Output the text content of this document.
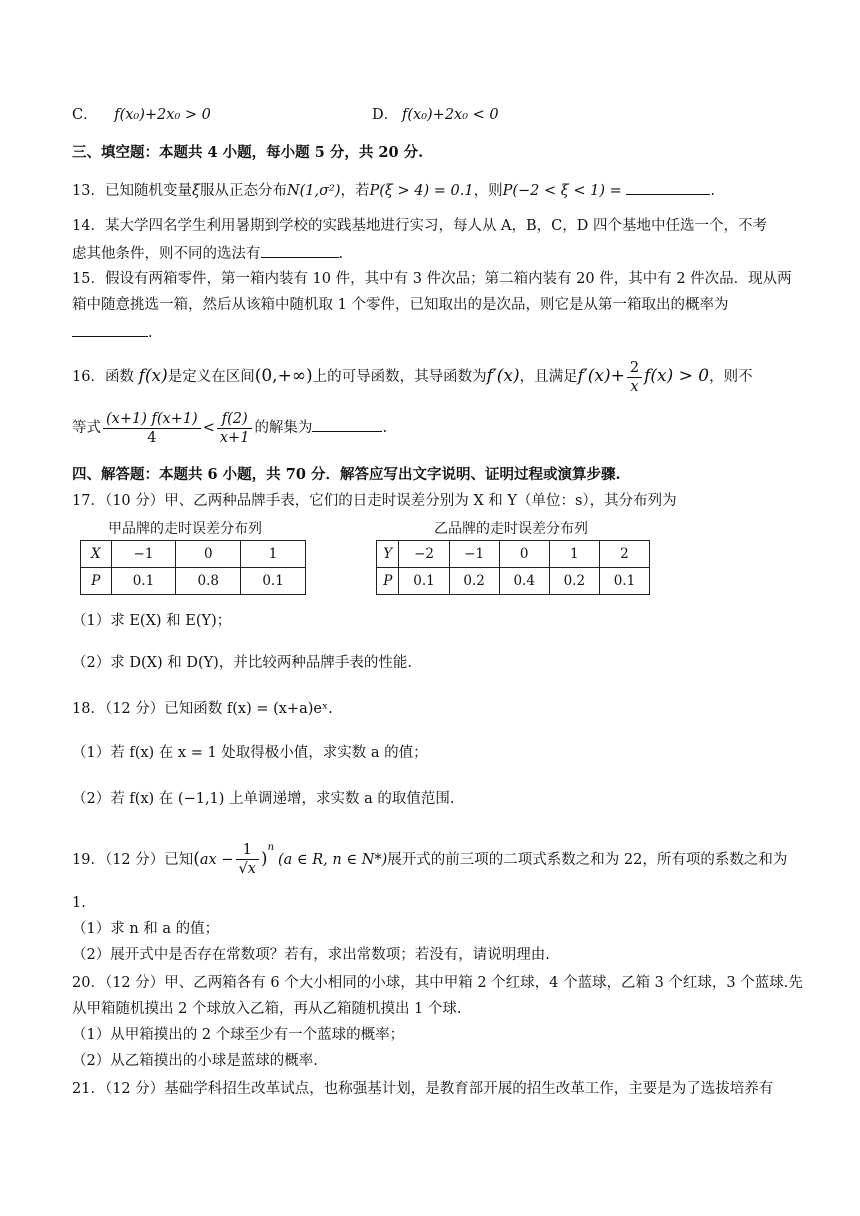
C． f(x₀)+2x₀ > 0	D． f(x₀)+2x₀ < 0
三、填空题：本题共 4 小题，每小题 5 分，共 20 分.
13．已知随机变量ξ服从正态分布N(1,σ²)，若P(ξ > 4) = 0.1，则P(−2 < ξ < 1) =	.
14．某大学四名学生利用暑期到学校的实践基地进行实习，每人从 A，B，C，D 四个基地中任选一个，不考
虑其他条件，则不同的选法有	.
15．假设有两箱零件，第一箱内装有 10 件，其中有 3 件次品；第二箱内装有 20 件，其中有 2 件次品．现从两
箱中随意挑选一箱，然后从该箱中随机取 1 个零件，已知取出的是次品，则它是从第一箱取出的概率为
.
16．函数 f(x)是定义在区间(0,+∞)上的可导函数，其导函数为f′(x)，且满足$f'(x)+ \frac{2}{x} f(x) > 0$，则不
等式 $\frac{(x+1) f(x+1)}{4} < \frac{f(2)}{x+1}$ 的解集为	.
四、解答题：本题共 6 小题，共 70 分．解答应写出文字说明、证明过程或演算步骤.
17．（10 分）甲、乙两种品牌手表，它们的日走时误差分别为 X 和 Y（单位：s），其分布列为
甲品牌的走时误差分布列	乙品牌的走时误差分布列
X	−1	0	1
P	0.1	0.8	0.1
Y	−2	−1	0	1	2
P	0.1	0.2	0.4	0.2	0.1
（1）求 E(X) 和 E(Y)；
（2）求 D(X) 和 D(Y)，并比较两种品牌手表的性能.
18．（12 分）已知函数 f(x) = (x+a)eˣ.
（1）若 f(x) 在 x = 1 处取得极小值，求实数 a 的值；
（2）若 f(x) 在 (−1,1) 上单调递增，求实数 a 的取值范围.
19．（12 分）已知$(ax - \frac{1}{√x} )^n(a$ ∈ R, n ∈ N*)展开式的前三项的二项式系数之和为 22，所有项的系数之和为
1.
（1）求 n 和 a 的值；
（2）展开式中是否存在常数项？若有，求出常数项；若没有，请说明理由.
20．（12 分）甲、乙两箱各有 6 个大小相同的小球，其中甲箱 2 个红球，4 个蓝球，乙箱 3 个红球，3 个蓝球.先
从甲箱随机摸出 2 个球放入乙箱，再从乙箱随机摸出 1 个球.
（1）从甲箱摸出的 2 个球至少有一个蓝球的概率；
（2）从乙箱摸出的小球是蓝球的概率.
21．（12 分）基础学科招生改革试点，也称强基计划，是教育部开展的招生改革工作，主要是为了选拔培养有
